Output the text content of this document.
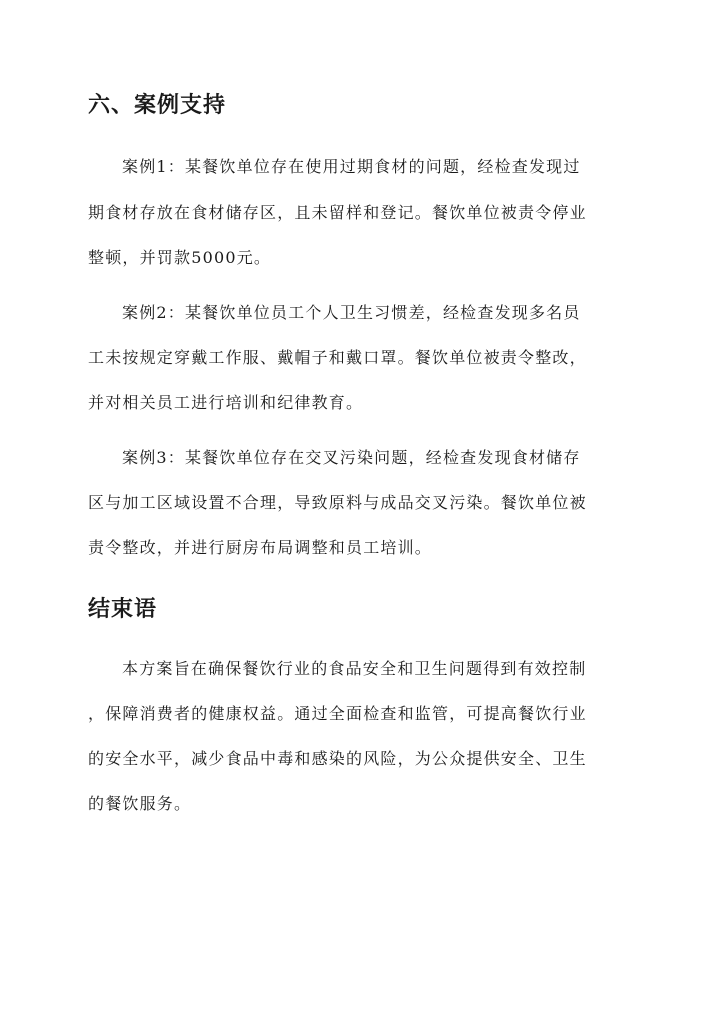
六、案例支持

案例1：某餐饮单位存在使用过期食材的问题，经检查发现过

期食材存放在食材储存区，且未留样和登记。餐饮单位被责令停业

整顿，并罚款5000元。

案例2：某餐饮单位员工个人卫生习惯差，经检查发现多名员

工未按规定穿戴工作服、戴帽子和戴口罩。餐饮单位被责令整改，

并对相关员工进行培训和纪律教育。

案例3：某餐饮单位存在交叉污染问题，经检查发现食材储存

区与加工区域设置不合理，导致原料与成品交叉污染。餐饮单位被

责令整改，并进行厨房布局调整和员工培训。

结束语

本方案旨在确保餐饮行业的食品安全和卫生问题得到有效控制

，保障消费者的健康权益。通过全面检查和监管，可提高餐饮行业

的安全水平，减少食品中毒和感染的风险，为公众提供安全、卫生

的餐饮服务。
